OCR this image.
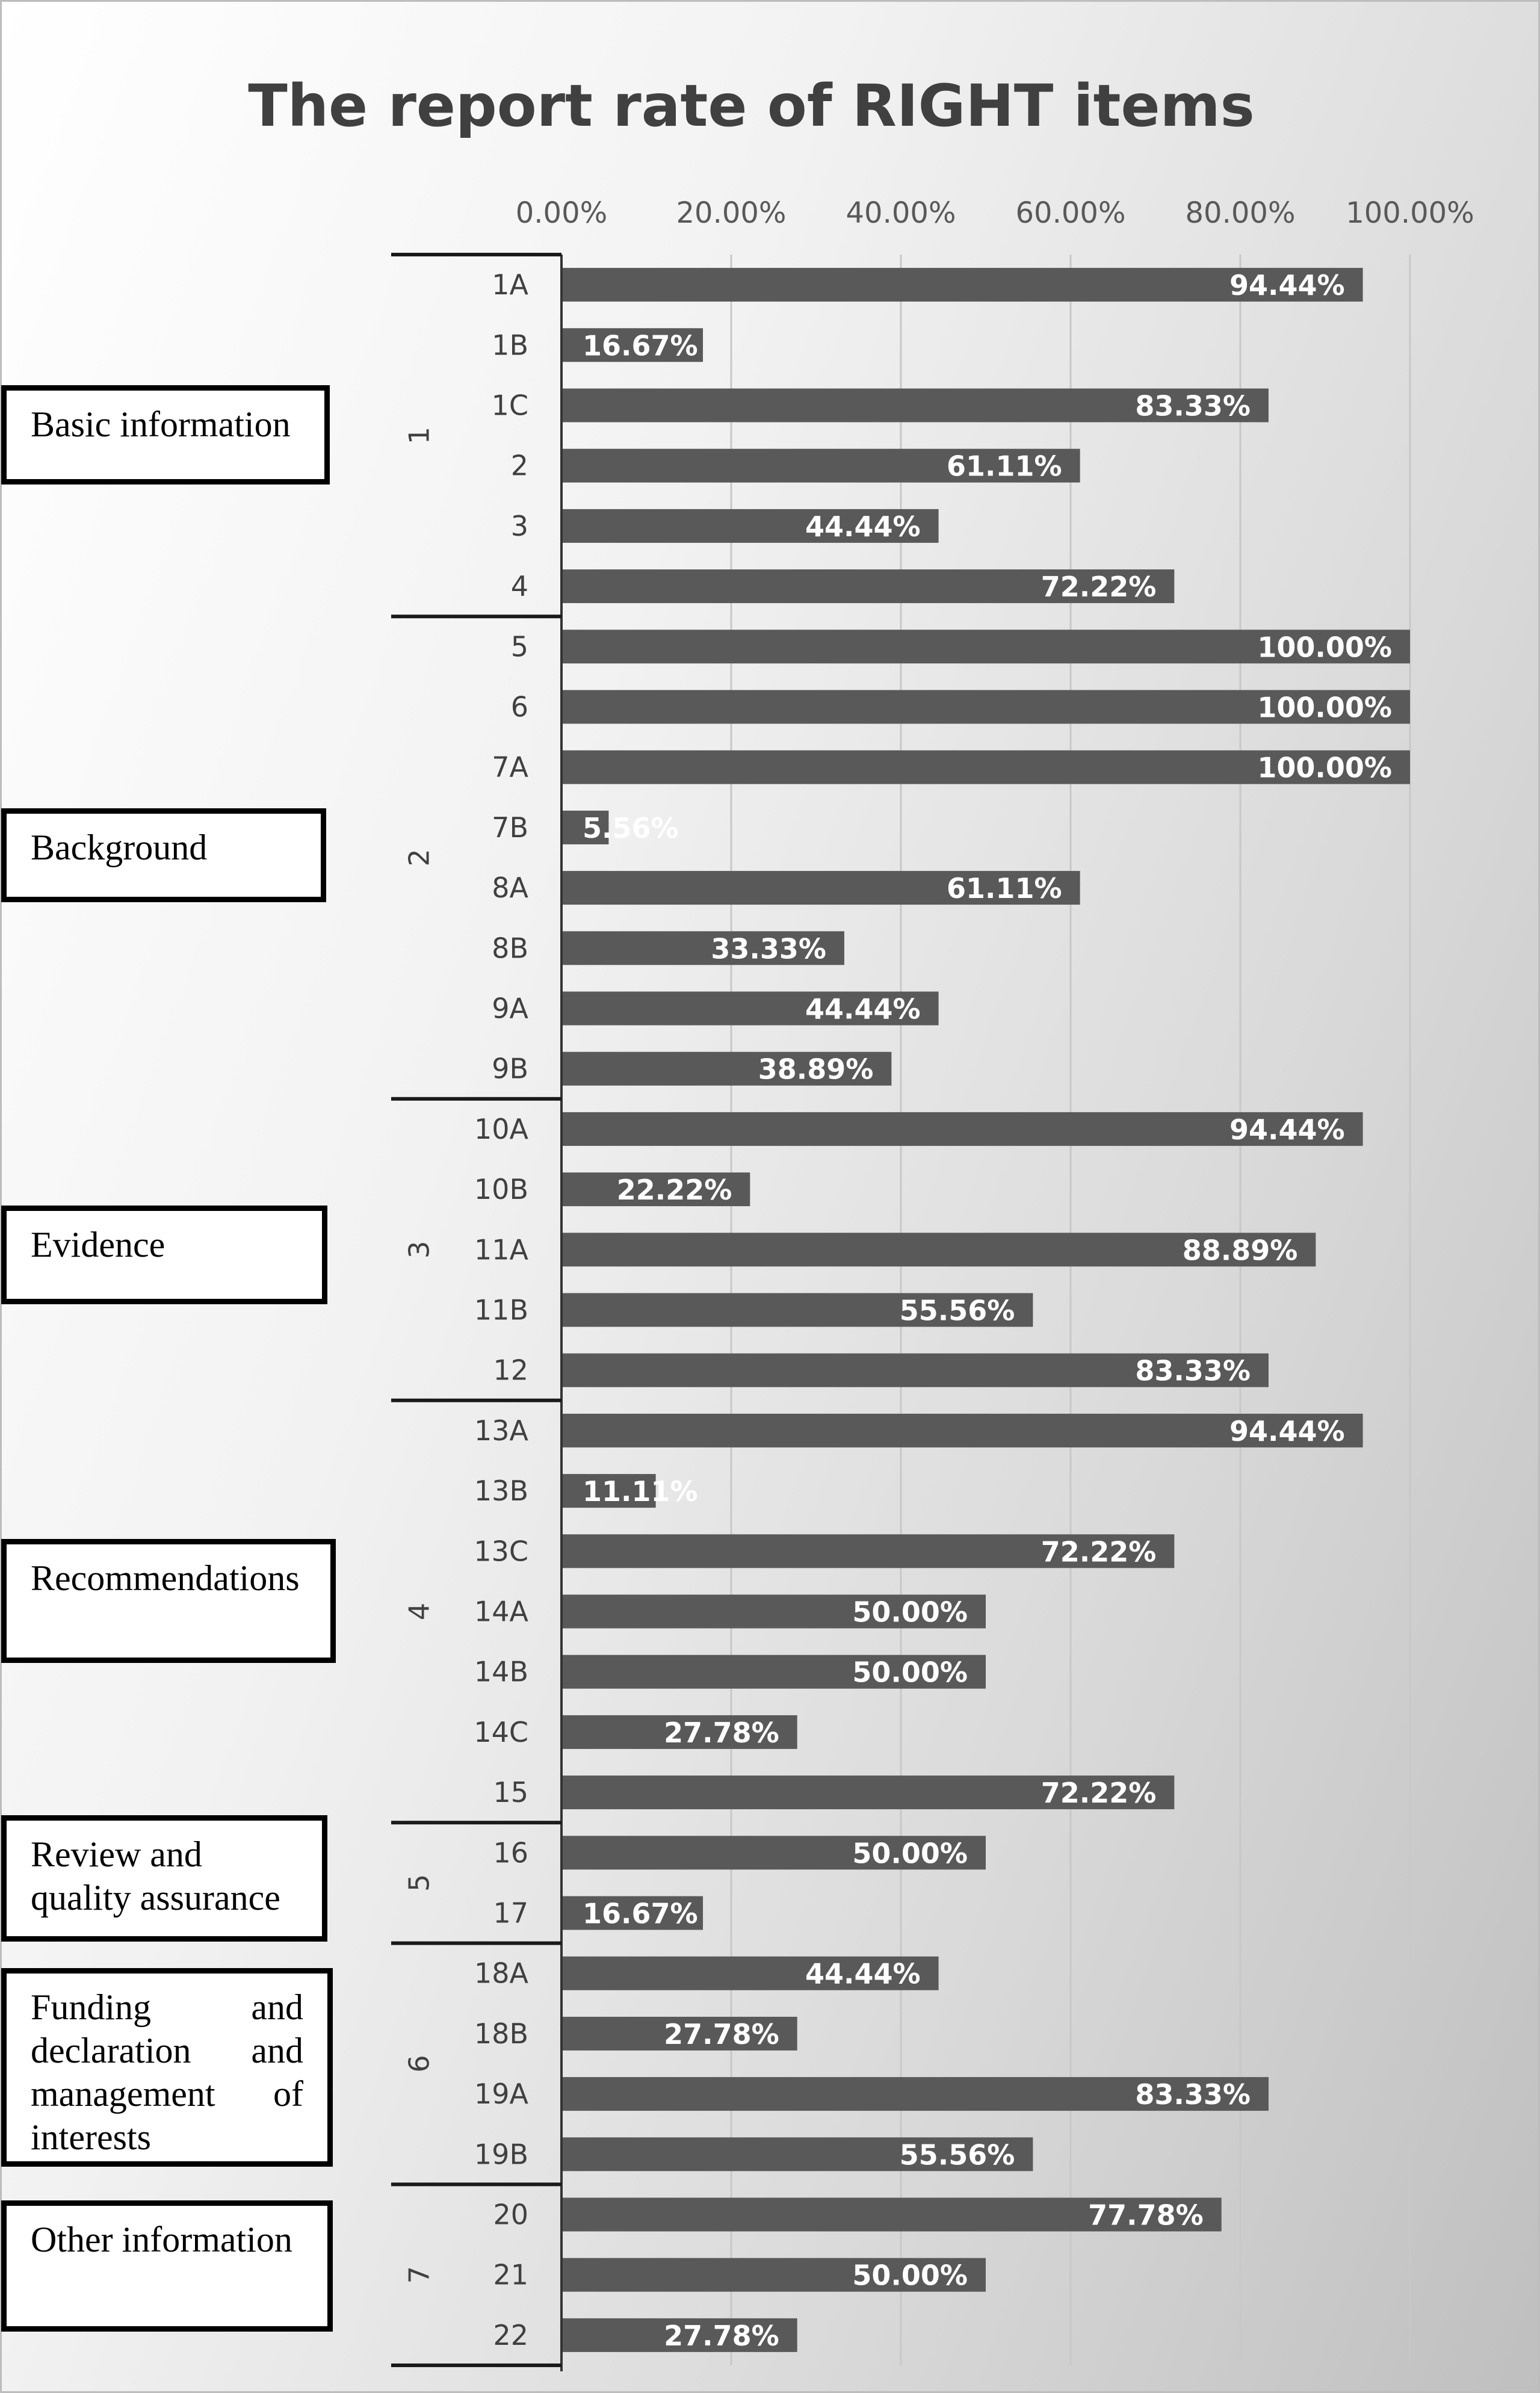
The report rate of RIGHT items
Basic information
Background
Evidence
Recommendations
Review and quality assurance
Funding and declaration and management of interests
Other information
0.00% 20.00% 40.00% 60.00% 80.00% 100.00%
1A	94.44%
1B 16.67%
1C	83.33%
2	61.11%
3	44.44%
4	72.22%
5	100.00%
6	100.00%
7A	100.00%
7B 5.56%
8A	61.11%
8B	33.33%
9A	44.44%
9B	38.89%
10A	94.44%
10B	22.22%
11A	88.89%
11B	55.56%
12	83.33%
13A	94.44%
13B 11.11%
13C	72.22%
14A	50.00%
14B	50.00%
14C	27.78%
15	72.22%
16	50.00%
17 16.67%
18A	44.44%
18B	27.78%
19A	83.33%
19B	55.56%
20	77.78%
21	50.00%
22	27.78%
1
2
3
4
5
6
7
